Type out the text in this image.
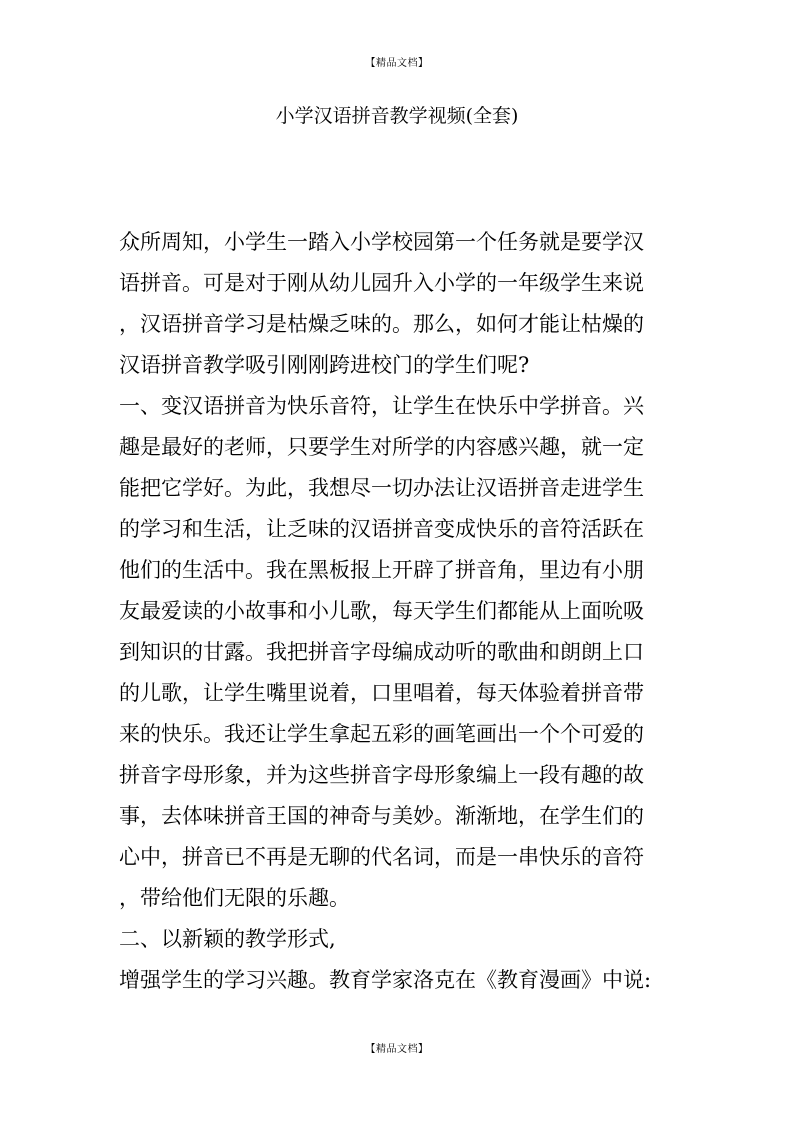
【精品文档】
小学汉语拼音教学视频(全套)
众所周知，小学生一踏入小学校园第一个任务就是要学汉
语拼音。可是对于刚从幼儿园升入小学的一年级学生来说
，汉语拼音学习是枯燥乏味的。那么，如何才能让枯燥的
汉语拼音教学吸引刚刚跨进校门的学生们呢?
一、变汉语拼音为快乐音符，让学生在快乐中学拼音。兴
趣是最好的老师，只要学生对所学的内容感兴趣，就一定
能把它学好。为此，我想尽一切办法让汉语拼音走进学生
的学习和生活，让乏味的汉语拼音变成快乐的音符活跃在
他们的生活中。我在黑板报上开辟了拼音角，里边有小朋
友最爱读的小故事和小儿歌，每天学生们都能从上面吮吸
到知识的甘露。我把拼音字母编成动听的歌曲和朗朗上口
的儿歌，让学生嘴里说着，口里唱着，每天体验着拼音带
来的快乐。我还让学生拿起五彩的画笔画出一个个可爱的
拼音字母形象，并为这些拼音字母形象编上一段有趣的故
事，去体味拼音王国的神奇与美妙。渐渐地，在学生们的
心中，拼音已不再是无聊的代名词，而是一串快乐的音符
，带给他们无限的乐趣。
二、以新颖的教学形式,
增强学生的学习兴趣。教育学家洛克在《教育漫画》中说:
【精品文档】
